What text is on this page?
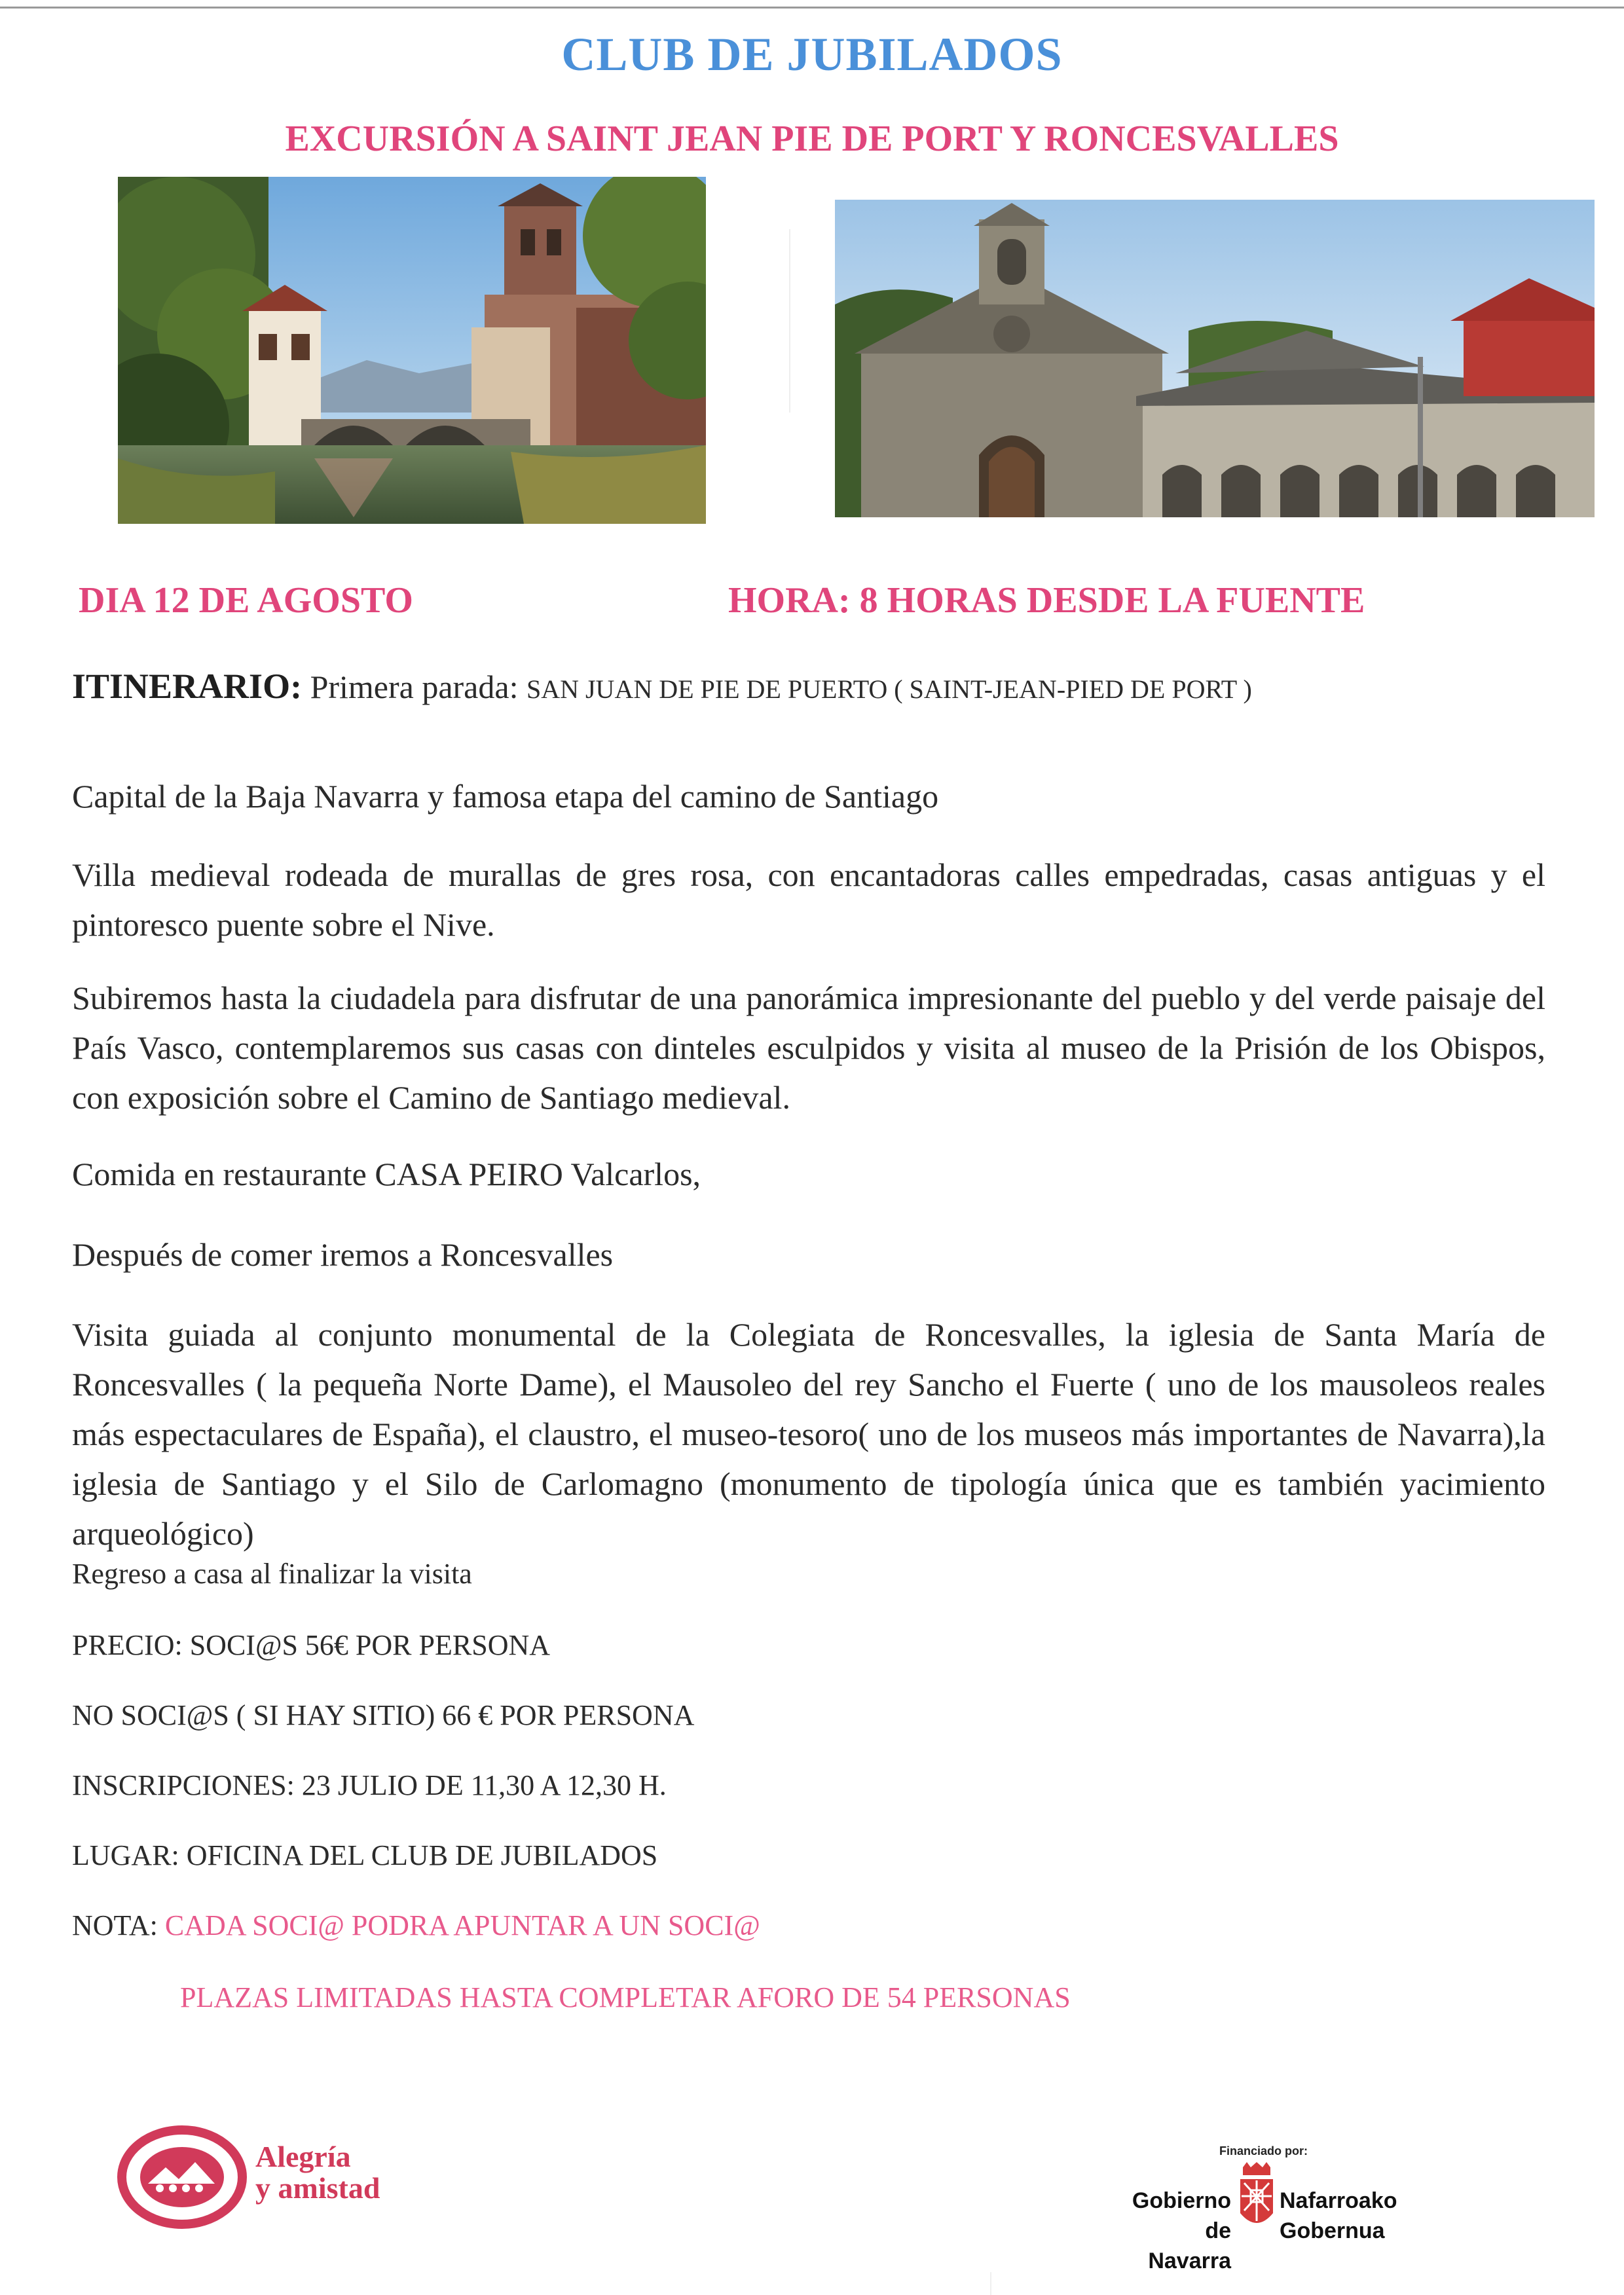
CLUB DE JUBILADOS
EXCURSIÓN A SAINT JEAN PIE DE PORT Y RONCESVALLES
DIA 12 DE AGOSTO	HORA: 8 HORAS DESDE LA FUENTE
ITINERARIO: Primera parada: SAN JUAN DE PIE DE PUERTO ( SAINT-JEAN-PIED DE PORT )

Capital de la Baja Navarra y famosa etapa del camino de Santiago

Villa medieval rodeada de murallas de gres rosa, con encantadoras calles empedradas, casas antiguas y el pintoresco puente sobre el Nive.

Subiremos hasta la ciudadela para disfrutar de una panorámica impresionante del pueblo y del verde paisaje del País Vasco, contemplaremos sus casas con dinteles esculpidos y visita al museo de la Prisión de los Obispos, con exposición sobre el Camino de Santiago medieval.

Comida en restaurante CASA PEIRO Valcarlos,

Después de comer iremos a Roncesvalles

Visita guiada al conjunto monumental de la Colegiata de Roncesvalles, la iglesia de Santa María de Roncesvalles ( la pequeña Norte Dame), el Mausoleo del rey Sancho el Fuerte ( uno de los mausoleos reales más espectaculares de España), el claustro, el museo-tesoro( uno de los museos más importantes de Navarra),la iglesia de Santiago y el Silo de Carlomagno (monumento de tipología única que es también yacimiento arqueológico)

Regreso a casa al finalizar la visita
PRECIO: SOCI@S 56€ POR PERSONA
NO SOCI@S ( SI HAY SITIO) 66 € POR PERSONA
INSCRIPCIONES: 23 JULIO DE 11,30 A 12,30 H.
LUGAR: OFICINA DEL CLUB DE JUBILADOS
NOTA: CADA SOCI@ PODRA APUNTAR A UN SOCI@
PLAZAS LIMITADAS HASTA COMPLETAR AFORO DE 54 PERSONAS
Alegría
y amistad
Financiado por:
Gobierno
de Navarra
Nafarroako
Gobernua
